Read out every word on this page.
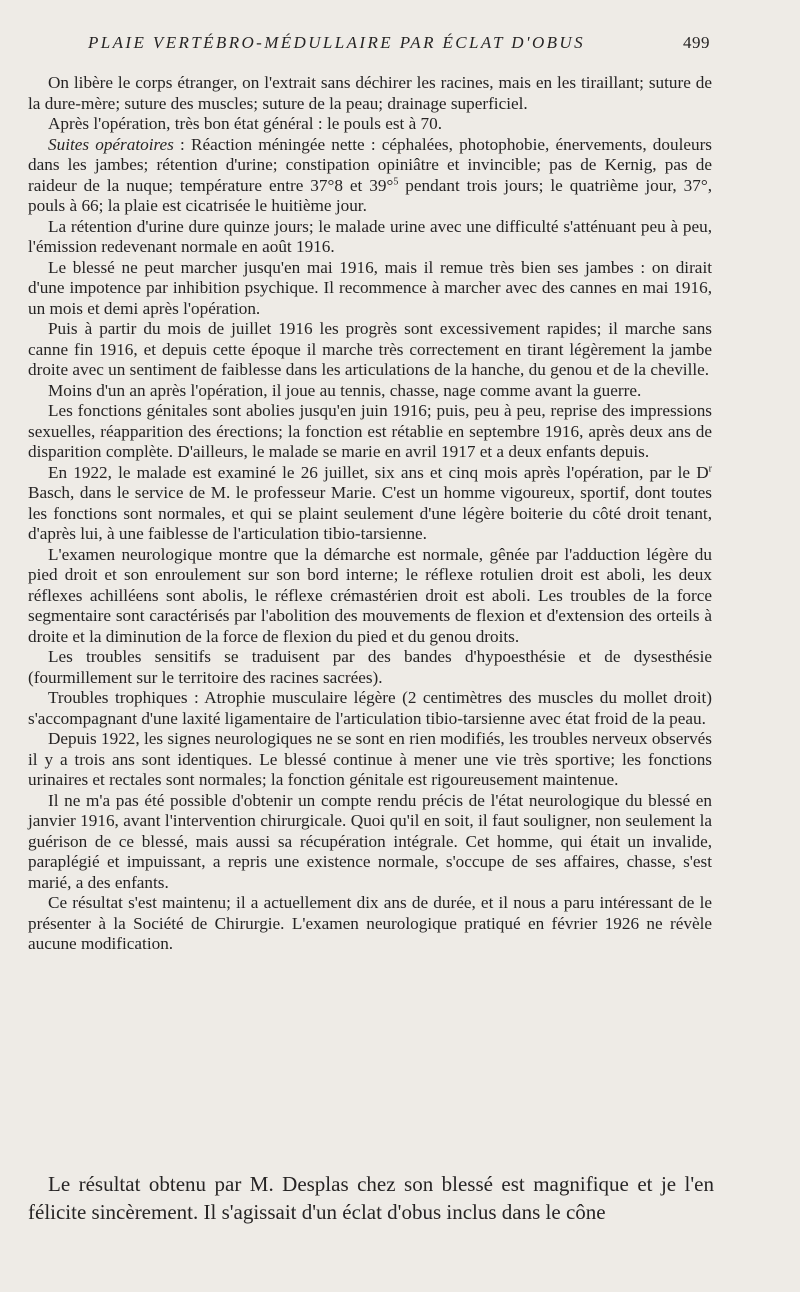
PLAIE VERTÉBRO-MÉDULLAIRE PAR ÉCLAT D'OBUS	499

On libère le corps étranger, on l'extrait sans déchirer les racines, mais en les tiraillant; suture de la dure-mère; suture des muscles; suture de la peau; drainage superficiel.

Après l'opération, très bon état général : le pouls est à 70.

Suites opératoires : Réaction méningée nette : céphalées, photophobie, énervements, douleurs dans les jambes; rétention d'urine; constipation opiniâtre et invincible; pas de Kernig, pas de raideur de la nuque; température entre 37°8 et 39°$^5$ pendant trois jours; le quatrième jour, 37°, pouls à 66; la plaie est cicatrisée le huitième jour.

La rétention d'urine dure quinze jours; le malade urine avec une difficulté s'atténuant peu à peu, l'émission redevenant normale en août 1916.

Le blessé ne peut marcher jusqu'en mai 1916, mais il remue très bien ses jambes : on dirait d'une impotence par inhibition psychique. Il recommence à marcher avec des cannes en mai 1916, un mois et demi après l'opération.

Puis à partir du mois de juillet 1916 les progrès sont excessivement rapides; il marche sans canne fin 1916, et depuis cette époque il marche très correctement en tirant légèrement la jambe droite avec un sentiment de faiblesse dans les articulations de la hanche, du genou et de la cheville.

Moins d'un an après l'opération, il joue au tennis, chasse, nage comme avant la guerre.

Les fonctions génitales sont abolies jusqu'en juin 1916; puis, peu à peu, reprise des impressions sexuelles, réapparition des érections; la fonction est rétablie en septembre 1916, après deux ans de disparition complète. D'ailleurs, le malade se marie en avril 1917 et a deux enfants depuis.

En 1922, le malade est examiné le 26 juillet, six ans et cinq mois après l'opération, par le $D^r$ Basch, dans le service de M. le professeur Marie. C'est un homme vigoureux, sportif, dont toutes les fonctions sont normales, et qui se plaint seulement d'une légère boiterie du côté droit tenant, d'après lui, à une faiblesse de l'articulation tibio-tarsienne.

L'examen neurologique montre que la démarche est normale, gênée par l'adduction légère du pied droit et son enroulement sur son bord interne; le réflexe rotulien droit est aboli, les deux réflexes achilléens sont abolis, le réflexe crémastérien droit est aboli. Les troubles de la force segmentaire sont caractérisés par l'abolition des mouvements de flexion et d'extension des orteils à droite et la diminution de la force de flexion du pied et du genou droits.

Les troubles sensitifs se traduisent par des bandes d'hypoesthésie et de dysesthésie (fourmillement sur le territoire des racines sacrées).

Troubles trophiques : Atrophie musculaire légère (2 centimètres des muscles du mollet droit) s'accompagnant d'une laxité ligamentaire de l'articulation tibio-tarsienne avec état froid de la peau.

Depuis 1922, les signes neurologiques ne se sont en rien modifiés, les troubles nerveux observés il y a trois ans sont identiques. Le blessé continue à mener une vie très sportive; les fonctions urinaires et rectales sont normales; la fonction génitale est rigoureusement maintenue.

Il ne m'a pas été possible d'obtenir un compte rendu précis de l'état neurologique du blessé en janvier 1916, avant l'intervention chirurgicale. Quoi qu'il en soit, il faut souligner, non seulement la guérison de ce blessé, mais aussi sa récupération intégrale. Cet homme, qui était un invalide, paraplégié et impuissant, a repris une existence normale, s'occupe de ses affaires, chasse, s'est marié, a des enfants.

Ce résultat s'est maintenu; il a actuellement dix ans de durée, et il nous a paru intéressant de le présenter à la Société de Chirurgie. L'examen neurologique pratiqué en février 1926 ne révèle aucune modification.

Le résultat obtenu par M. Desplas chez son blessé est magnifique et je l'en félicite sincèrement. Il s'agissait d'un éclat d'obus inclus dans le cône
